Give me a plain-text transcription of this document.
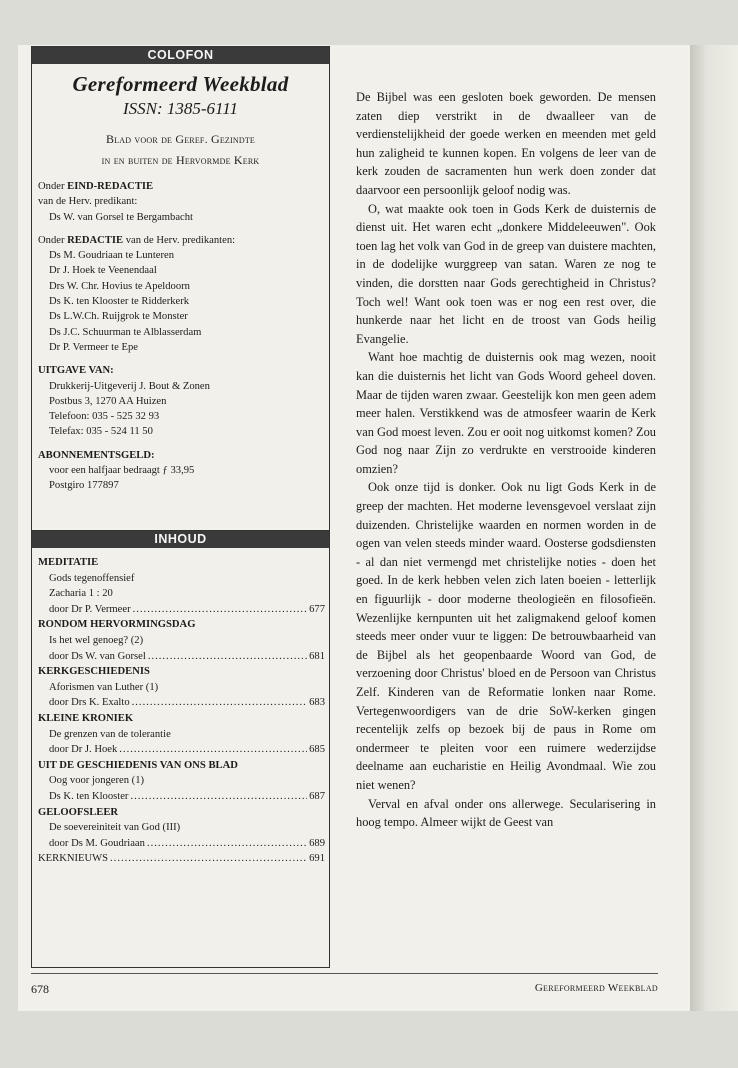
COLOFON
Gereformeerd Weekblad
ISSN: 1385-6111
Blad voor de Geref. Gezindte
in en buiten de Hervormde Kerk
Onder EIND-REDACTIE
van de Herv. predikant:
Ds W. van Gorsel te Bergambacht
Onder REDACTIE van de Herv. predikanten:
Ds M. Goudriaan te Lunteren
Dr J. Hoek te Veenendaal
Drs W. Chr. Hovius te Apeldoorn
Ds K. ten Klooster te Ridderkerk
Ds L.W.Ch. Ruijgrok te Monster
Ds J.C. Schuurman te Alblasserdam
Dr P. Vermeer te Epe
UITGAVE VAN:
Drukkerij-Uitgeverij J. Bout & Zonen
Postbus 3, 1270 AA Huizen
Telefoon: 035 - 525 32 93
Telefax: 035 - 524 11 50
ABONNEMENTSGELD:
voor een halfjaar bedraagt ƒ 33,95
Postgiro 177897
INHOUD
MEDITATIE
Gods tegenoffensief
Zacharia 1 : 20
door Dr P. Vermeer .....	677
RONDOM HERVORMINGSDAG
Is het wel genoeg? (2)
door Ds W. van Gorsel .....	681
KERKGESCHIEDENIS
Aforismen van Luther (1)
door Drs K. Exalto .....	683
KLEINE KRONIEK
De grenzen van de tolerantie
door Dr J. Hoek .....	685
UIT DE GESCHIEDENIS VAN ONS BLAD
Oog voor jongeren (1)
Ds K. ten Klooster .....	687
GELOOFSLEER
De soevereiniteit van God (III)
door Ds M. Goudriaan .....	689
KERKNIEUWS .....	691

De Bijbel was een gesloten boek geworden. De mensen zaten diep verstrikt in de dwaalleer van de verdienstelijkheid der goede werken en meenden met geld hun zaligheid te kunnen kopen. En volgens de leer van de kerk zouden de sacramenten hun werk doen zonder dat daarvoor een persoonlijk geloof nodig was.

O, wat maakte ook toen in Gods Kerk de duisternis de dienst uit. Het waren echt „donkere Middeleeuwen". Ook toen lag het volk van God in de greep van duistere machten, in de dodelijke wurggreep van satan. Waren ze nog te vinden, die dorstten naar Gods gerechtigheid in Christus? Toch wel! Want ook toen was er nog een rest over, die hunkerde naar het licht en de troost van Gods heilig Evangelie.

Want hoe machtig de duisternis ook mag wezen, nooit kan die duisternis het licht van Gods Woord geheel doven. Maar de tijden waren zwaar. Geestelijk kon men geen adem meer halen. Verstikkend was de atmosfeer waarin de Kerk van God moest leven. Zou er ooit nog uitkomst komen? Zou God nog naar Zijn zo verdrukte en verstrooide kinderen omzien?

Ook onze tijd is donker. Ook nu ligt Gods Kerk in de greep der machten. Het moderne levensgevoel verslaat zijn duizenden. Christelijke waarden en normen worden in de ogen van velen steeds minder waard. Oosterse godsdiensten - al dan niet vermengd met christelijke noties - doen het goed. In de kerk hebben velen zich laten boeien - letterlijk en figuurlijk - door moderne theologieën en filosofieën. Wezenlijke kernpunten uit het zaligmakend geloof komen steeds meer onder vuur te liggen: De betrouwbaarheid van de Bijbel als het geopenbaarde Woord van God, de verzoening door Christus' bloed en de Persoon van Christus Zelf. Kinderen van de Reformatie lonken naar Rome. Vertegenwoordigers van de drie SoW-kerken gingen recentelijk zelfs op bezoek bij de paus in Rome om ondermeer te pleiten voor een ruimere wederzijdse deelname aan eucharistie en Heilig Avondmaal. Wie zou niet wenen?

Verval en afval onder ons allerwege. Secularisering in hoog tempo. Almeer wijkt de Geest van

678	Gereformeerd Weekblad
